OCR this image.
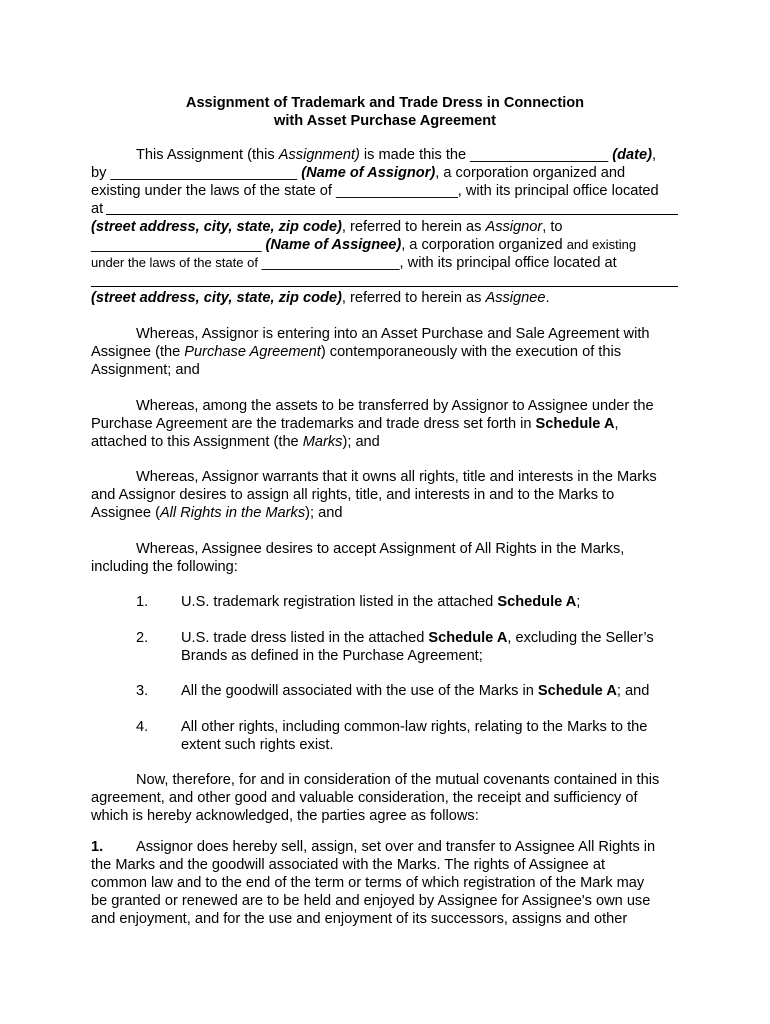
Assignment of Trademark and Trade Dress in Connection
with Asset Purchase Agreement
This Assignment (this Assignment) is made this the _________________ (date),
by _______________________ (Name of Assignor), a corporation organized and
existing under the laws of the state of _______________, with its principal office located
at
(street address, city, state, zip code), referred to herein as Assignor, to
_____________________ (Name of Assignee), a corporation organized and existing
under the laws of the state of _________________, with its principal office located at
(street address, city, state, zip code), referred to herein as Assignee.
Whereas, Assignor is entering into an Asset Purchase and Sale Agreement with
Assignee (the Purchase Agreement) contemporaneously with the execution of this
Assignment; and
Whereas, among the assets to be transferred by Assignor to Assignee under the
Purchase Agreement are the trademarks and trade dress set forth in Schedule A,
attached to this Assignment (the Marks); and
Whereas, Assignor warrants that it owns all rights, title and interests in the Marks
and Assignor desires to assign all rights, title, and interests in and to the Marks to
Assignee (All Rights in the Marks); and
Whereas, Assignee desires to accept Assignment of All Rights in the Marks,
including the following:
1. U.S. trademark registration listed in the attached Schedule A;
2. U.S. trade dress listed in the attached Schedule A, excluding the Seller’s
Brands as defined in the Purchase Agreement;
3. All the goodwill associated with the use of the Marks in Schedule A; and
4. All other rights, including common-law rights, relating to the Marks to the
extent such rights exist.
Now, therefore, for and in consideration of the mutual covenants contained in this
agreement, and other good and valuable consideration, the receipt and sufficiency of
which is hereby acknowledged, the parties agree as follows:
1. Assignor does hereby sell, assign, set over and transfer to Assignee All Rights in
the Marks and the goodwill associated with the Marks. The rights of Assignee at
common law and to the end of the term or terms of which registration of the Mark may
be granted or renewed are to be held and enjoyed by Assignee for Assignee's own use
and enjoyment, and for the use and enjoyment of its successors, assigns and other
